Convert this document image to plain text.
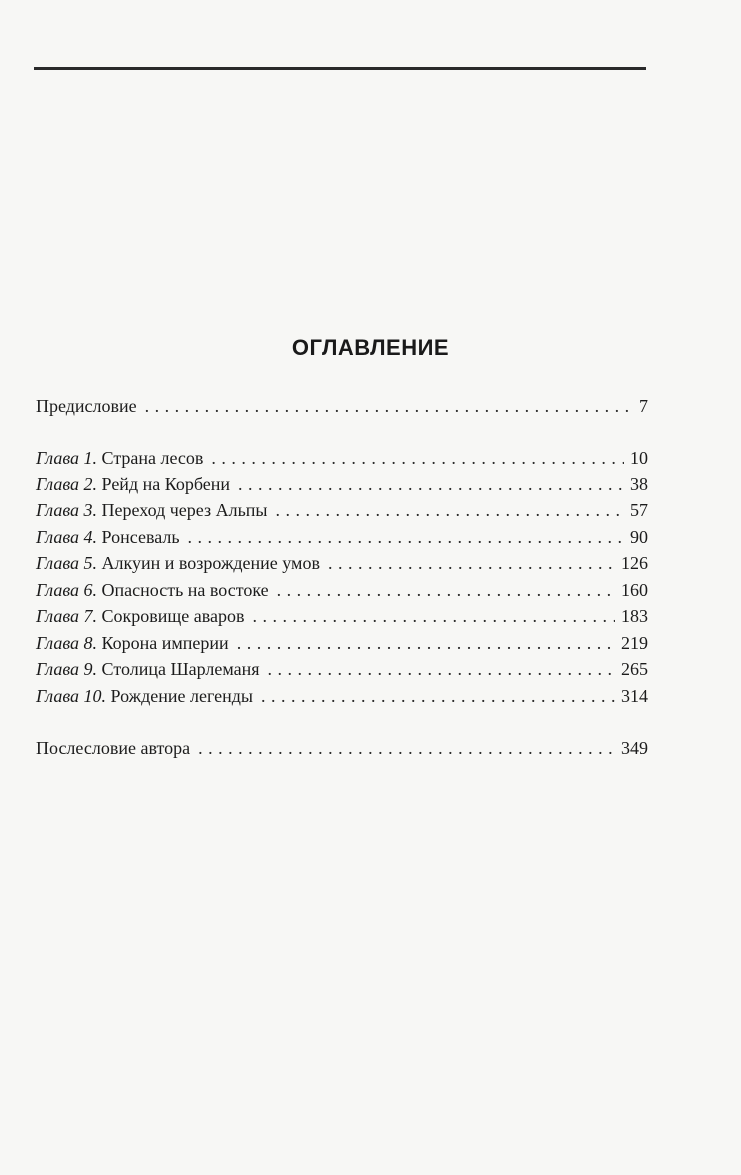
ОГЛАВЛЕНИЕ
Предисловие . . .	7
Глава 1. Страна лесов . . .	10
Глава 2. Рейд на Корбени . . .	38
Глава 3. Переход через Альпы . . .	57
Глава 4. Ронсеваль . . .	90
Глава 5. Алкуин и возрождение умов . . .	126
Глава 6. Опасность на востоке . . .	160
Глава 7. Сокровище аваров . . .	183
Глава 8. Корона империи . . .	219
Глава 9. Столица Шарлеманя . . .	265
Глава 10. Рождение легенды . . .	314
Послесловие автора . . .	349
